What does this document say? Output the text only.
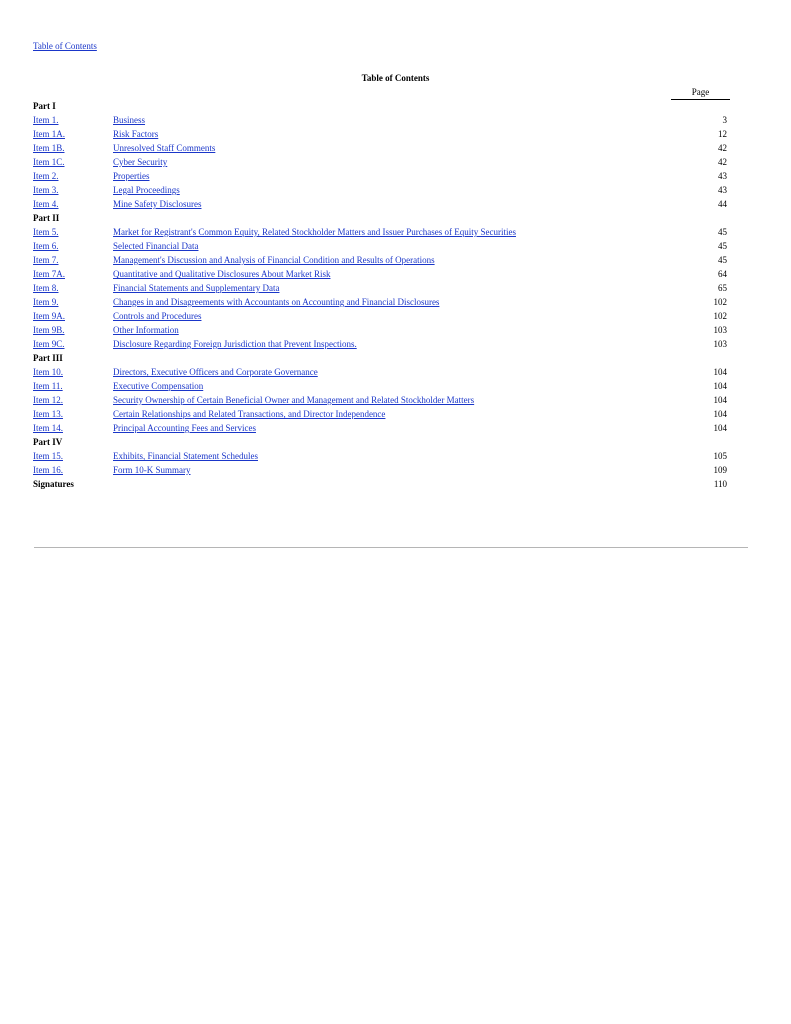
Table of Contents
Table of Contents
Page
Part I
Item 1.	Business	3
Item 1A.	Risk Factors	12
Item 1B.	Unresolved Staff Comments	42
Item 1C.	Cyber Security	42
Item 2.	Properties	43
Item 3.	Legal Proceedings	43
Item 4.	Mine Safety Disclosures	44
Part II
Item 5.	Market for Registrant's Common Equity, Related Stockholder Matters and Issuer Purchases of Equity Securities	45
Item 6.	Selected Financial Data	45
Item 7.	Management's Discussion and Analysis of Financial Condition and Results of Operations	45
Item 7A.	Quantitative and Qualitative Disclosures About Market Risk	64
Item 8.	Financial Statements and Supplementary Data	65
Item 9.	Changes in and Disagreements with Accountants on Accounting and Financial Disclosures	102
Item 9A.	Controls and Procedures	102
Item 9B.	Other Information	103
Item 9C.	Disclosure Regarding Foreign Jurisdiction that Prevent Inspections.	103
Part III
Item 10.	Directors, Executive Officers and Corporate Governance	104
Item 11.	Executive Compensation	104
Item 12.	Security Ownership of Certain Beneficial Owner and Management and Related Stockholder Matters	104
Item 13.	Certain Relationships and Related Transactions, and Director Independence	104
Item 14.	Principal Accounting Fees and Services	104
Part IV
Item 15.	Exhibits, Financial Statement Schedules	105
Item 16.	Form 10-K Summary	109
Signatures	110
